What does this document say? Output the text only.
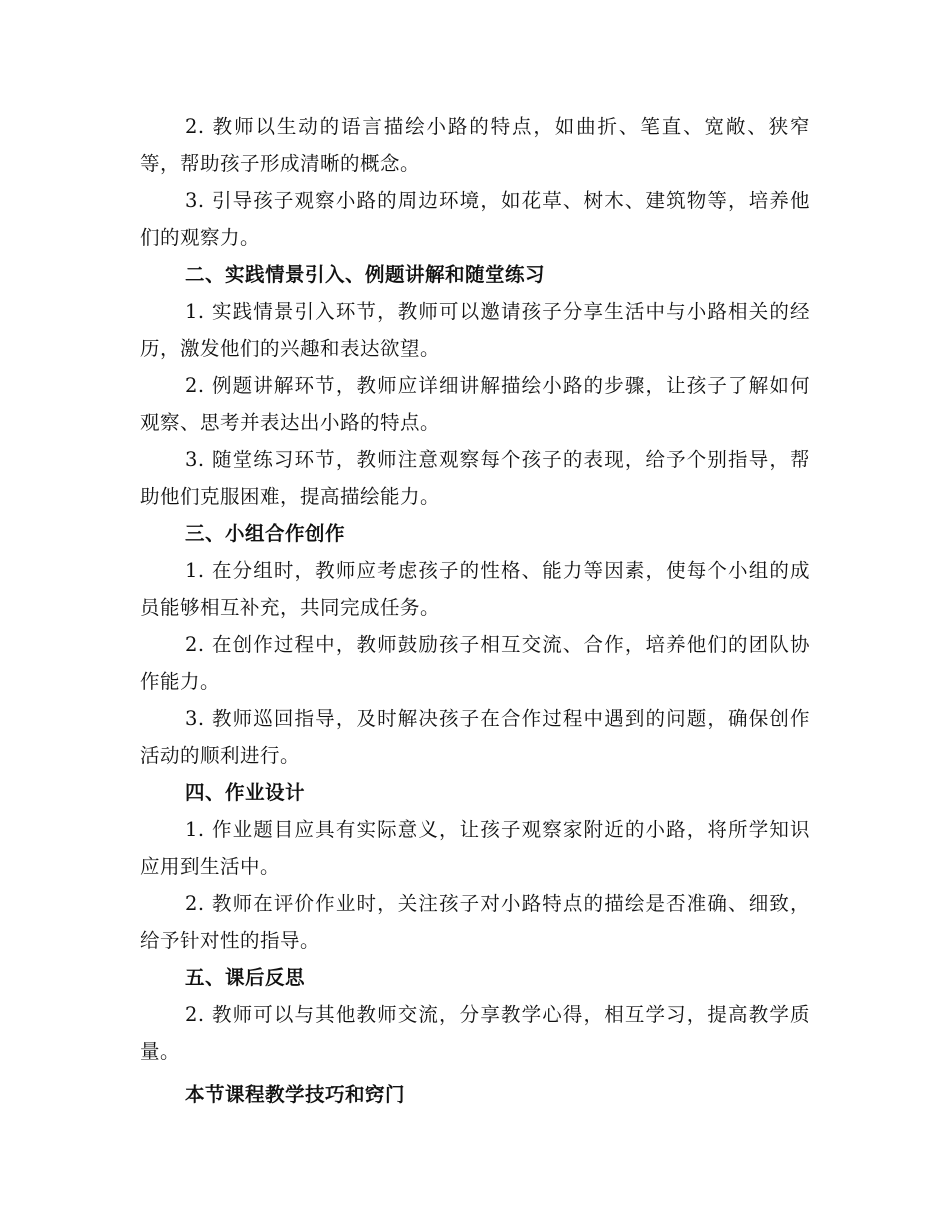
2. 教师以生动的语言描绘小路的特点，如曲折、笔直、宽敞、狭窄等，帮助孩子形成清晰的概念。

3. 引导孩子观察小路的周边环境，如花草、树木、建筑物等，培养他们的观察力。

二、实践情景引入、例题讲解和随堂练习

1. 实践情景引入环节，教师可以邀请孩子分享生活中与小路相关的经历，激发他们的兴趣和表达欲望。

2. 例题讲解环节，教师应详细讲解描绘小路的步骤，让孩子了解如何观察、思考并表达出小路的特点。

3. 随堂练习环节，教师注意观察每个孩子的表现，给予个别指导，帮助他们克服困难，提高描绘能力。

三、小组合作创作

1. 在分组时，教师应考虑孩子的性格、能力等因素，使每个小组的成员能够相互补充，共同完成任务。

2. 在创作过程中，教师鼓励孩子相互交流、合作，培养他们的团队协作能力。

3. 教师巡回指导，及时解决孩子在合作过程中遇到的问题，确保创作活动的顺利进行。

四、作业设计

1. 作业题目应具有实际意义，让孩子观察家附近的小路，将所学知识应用到生活中。

2. 教师在评价作业时，关注孩子对小路特点的描绘是否准确、细致，给予针对性的指导。

五、课后反思

2. 教师可以与其他教师交流，分享教学心得，相互学习，提高教学质量。

本节课程教学技巧和窍门
